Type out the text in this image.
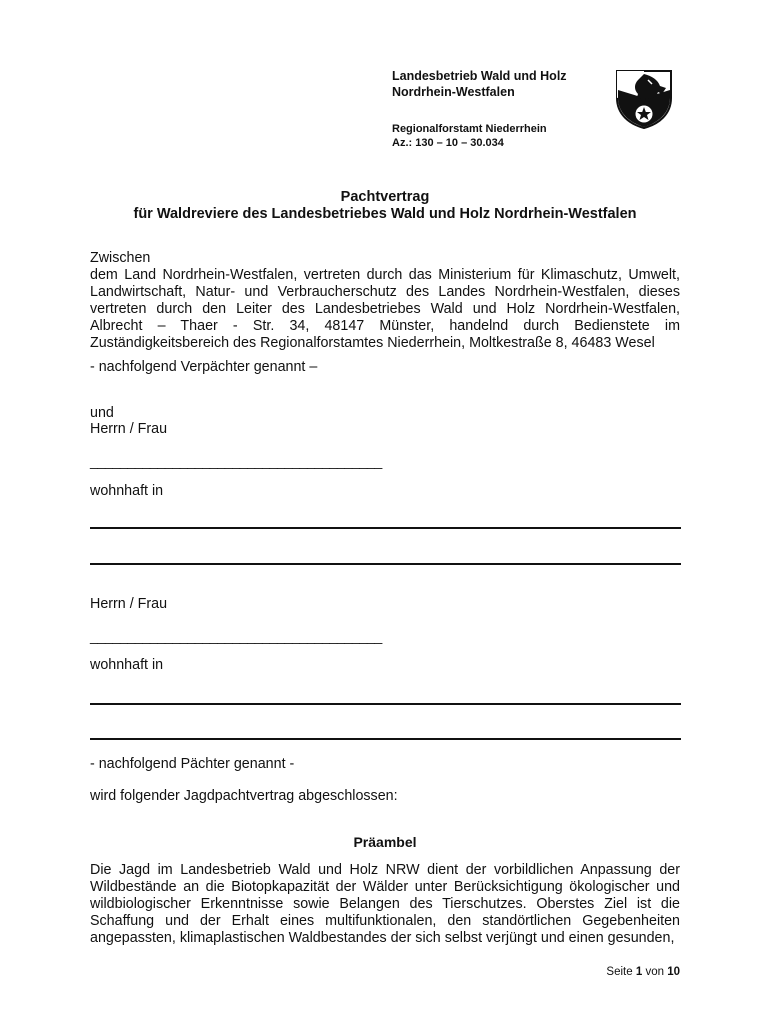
Landesbetrieb Wald und Holz
Nordrhein-Westfalen
Regionalforstamt Niederrhein
Az.: 130 – 10 – 30.034
Pachtvertrag
für Waldreviere des Landesbetriebes Wald und Holz Nordrhein-Westfalen
Zwischen
dem Land Nordrhein-Westfalen, vertreten durch das Ministerium für Klimaschutz, Umwelt, Landwirtschaft, Natur- und Verbraucherschutz des Landes Nordrhein-Westfalen, dieses vertreten durch den Leiter des Landesbetriebes Wald und Holz Nordrhein-Westfalen, Albrecht – Thaer - Str. 34, 48147 Münster, handelnd durch Bedienstete im Zuständigkeitsbereich des Regionalforstamtes Niederrhein, Moltkestraße 8, 46483 Wesel
- nachfolgend Verpächter genannt –
und
Herrn / Frau
_______________________________________
wohnhaft in
Herrn / Frau
_______________________________________
wohnhaft in
- nachfolgend Pächter genannt -
wird folgender Jagdpachtvertrag abgeschlossen:
Präambel
Die Jagd im Landesbetrieb Wald und Holz NRW dient der vorbildlichen Anpassung der Wildbestände an die Biotopkapazität der Wälder unter Berücksichtigung ökologischer und wildbiologischer Erkenntnisse sowie Belangen des Tierschutzes. Oberstes Ziel ist die Schaffung und der Erhalt eines multifunktionalen, den standörtlichen Gegebenheiten angepassten, klimaplastischen Waldbestandes der sich selbst verjüngt und einen gesunden,
Seite 1 von 10
